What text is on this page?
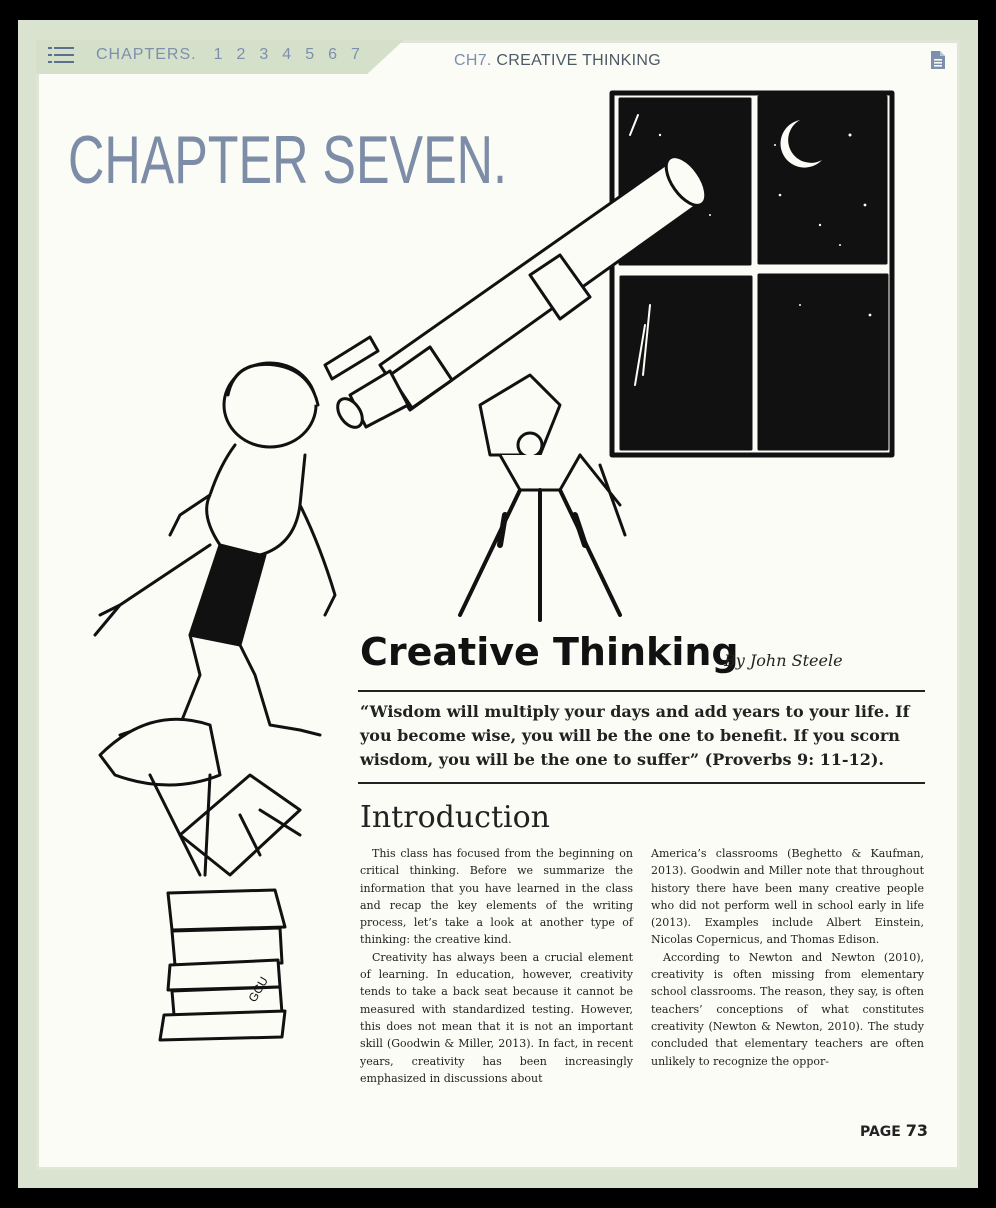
CHAPTERS. 1 2 3 4 5 6 7	CH7. CREATIVE THINKING
CHAPTER SEVEN.
GCU
Creative Thinking
By John Steele
“Wisdom will multiply your days and add years to your life. If you become wise, you will be the one to benefit. If you scorn wisdom, you will be the one to suffer” (Proverbs 9: 11-12).
Introduction

This class has focused from the beginning on critical thinking. Before we summarize the information that you have learned in the class and recap the key elements of the writing process, let’s take a look at another type of thinking: the creative kind.

Creativity has always been a crucial element of learning. In education, however, creativity tends to take a back seat because it cannot be measured with standardized testing. However, this does not mean that it is not an important skill (Goodwin & Miller, 2013). In fact, in recent years, creativity has been increasingly emphasized in discussions about

America’s classrooms (Beghetto & Kaufman, 2013). Goodwin and Miller note that throughout history there have been many creative people who did not perform well in school early in life (2013). Examples include Albert Einstein, Nicolas Copernicus, and Thomas Edison.

According to Newton and Newton (2010), creativity is often missing from elementary school classrooms. The reason, they say, is often teachers’ conceptions of what constitutes creativity (Newton & Newton, 2010). The study concluded that elementary teachers are often unlikely to recognize the oppor-

PAGE 73
